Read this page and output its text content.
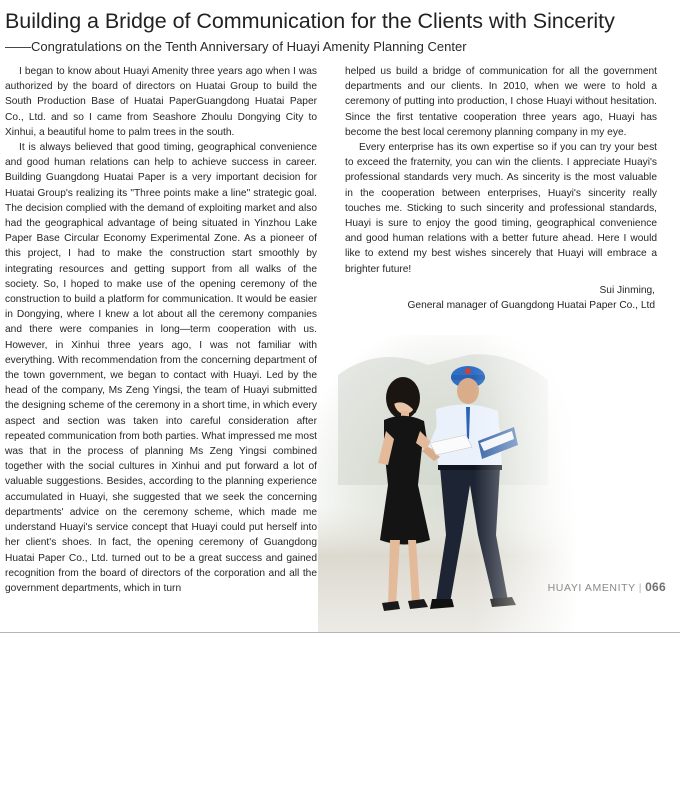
Building a Bridge of Communication for the Clients with Sincerity
——Congratulations on the Tenth Anniversary of Huayi Amenity Planning Center

I began to know about Huayi Amenity three years ago when I was authorized by the board of directors on Huatai Group to build the South Production Base of Huatai PaperGuangdong Huatai Paper Co., Ltd. and so I came from Seashore Zhoulu Dongying City to Xinhui, a beautiful home to palm trees in the south.

It is always believed that good timing, geographical convenience and good human relations can help to achieve success in career. Building Guangdong Huatai Paper is a very important decision for Huatai Group's realizing its "Three points make a line" strategic goal. The decision complied with the demand of exploiting market and also had the geographical advantage of being situated in Yinzhou Lake Paper Base Circular Economy Experimental Zone. As a pioneer of this project, I had to make the construction start smoothly by integrating resources and getting support from all walks of the society. So, I hoped to make use of the opening ceremony of the construction to build a platform for communication. It would be easier in Dongying, where I knew a lot about all the ceremony companies and there were companies in long—term cooperation with us. However, in Xinhui three years ago, I was not familiar with everything. With recommendation from the concerning department of the town government, we began to contact with Huayi. Led by the head of the company, Ms Zeng Yingsi, the team of Huayi submitted the designing scheme of the ceremony in a short time, in which every aspect and section was taken into careful consideration after repeated communication from both parties. What impressed me most was that in the process of planning Ms Zeng Yingsi combined together with the social cultures in Xinhui and put forward a lot of valuable suggestions. Besides, according to the planning experience accumulated in Huayi, she suggested that we seek the concerning departments' advice on the ceremony scheme, which made me understand Huayi's service concept that Huayi could put herself into her client's shoes. In fact, the opening ceremony of Guangdong Huatai Paper Co., Ltd. turned out to be a great success and gained recognition from the board of directors of the corporation and all the government departments, which in turn

helped us build a bridge of communication for all the government departments and our clients. In 2010, when we were to hold a ceremony of putting into production, I chose Huayi without hesitation. Since the first tentative cooperation three years ago, Huayi has become the best local ceremony planning company in my eye.

Every enterprise has its own expertise so if you can try your best to exceed the fraternity, you can win the clients. I appreciate Huayi's professional standards very much. As sincerity is the most valuable in the cooperation between enterprises, Huayi's sincerity really touches me. Sticking to such sincerity and professional standards, Huayi is sure to enjoy the good timing, geographical convenience and good human relations with a better future ahead. Here I would like to extend my best wishes sincerely that Huayi will embrace a brighter future!

Sui Jinming,
General manager of Guangdong Huatai Paper Co., Ltd
HUAYI AMENITY | 066
